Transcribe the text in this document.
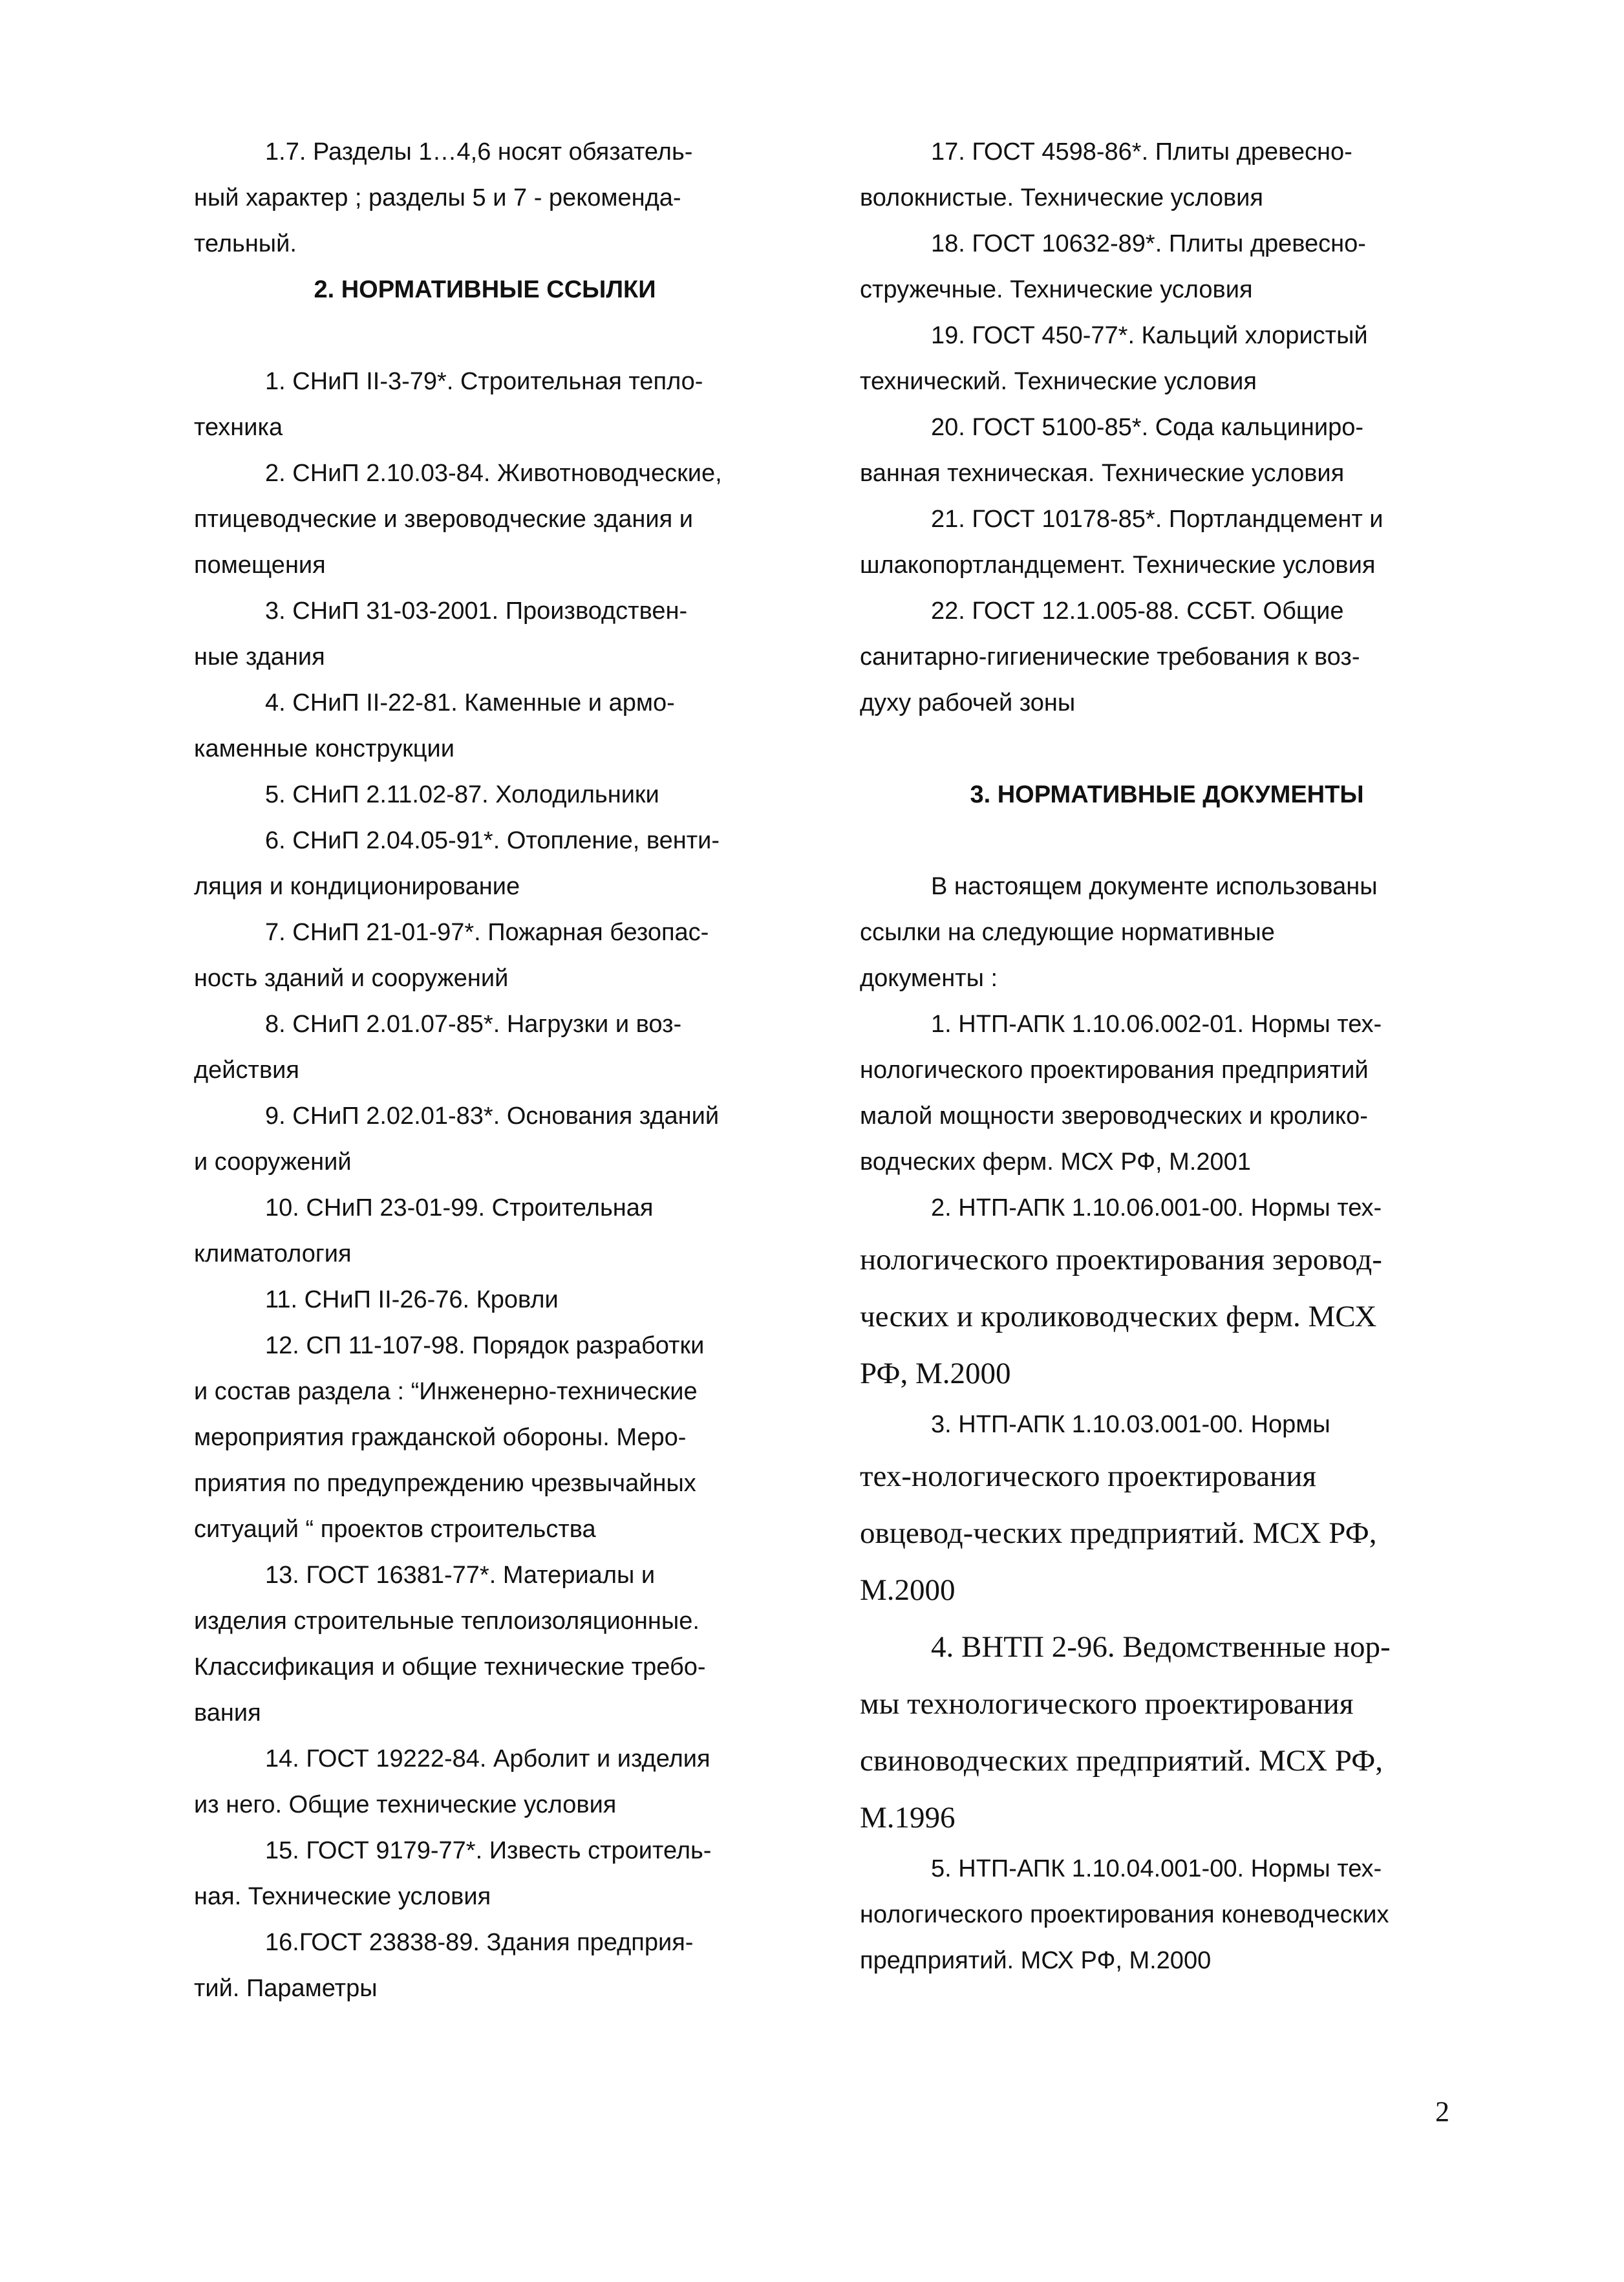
1.7. Разделы 1…4,6 носят обязатель-
ный характер ; разделы 5 и 7 - рекоменда-
тельный.
2. НОРМАТИВНЫЕ ССЫЛКИ
1. СНиП II-3-79*. Строительная тепло-
техника
2. СНиП 2.10.03-84. Животноводческие,
птицеводческие и звероводческие здания и
помещения
3. СНиП 31-03-2001. Производствен-
ные здания
4. СНиП II-22-81. Каменные и армо-
каменные конструкции
5. СНиП 2.11.02-87. Холодильники
6. СНиП 2.04.05-91*. Отопление, венти-
ляция и кондиционирование
7. СНиП 21-01-97*. Пожарная безопас-
ность зданий и сооружений
8. СНиП 2.01.07-85*. Нагрузки и воз-
действия
9. СНиП 2.02.01-83*. Основания зданий
и сооружений
10. СНиП 23-01-99. Строительная
климатология
11. СНиП II-26-76. Кровли
12. СП 11-107-98. Порядок разработки
и состав раздела : “Инженерно-технические
мероприятия гражданской обороны. Меро-
приятия по предупреждению чрезвычайных
ситуаций “ проектов строительства
13. ГОСТ 16381-77*. Материалы и
изделия строительные теплоизоляционные.
Классификация и общие технические требо-
вания
14. ГОСТ 19222-84. Арболит и изделия
из него. Общие технические условия
15. ГОСТ 9179-77*. Известь строитель-
ная. Технические условия
16.ГОСТ 23838-89. Здания предприя-
тий. Параметры
17. ГОСТ 4598-86*. Плиты древесно-
волокнистые. Технические условия
18. ГОСТ 10632-89*. Плиты древесно-
стружечные. Технические условия
19. ГОСТ 450-77*. Кальций хлористый
технический. Технические условия
20. ГОСТ 5100-85*. Сода кальциниро-
ванная техническая. Технические условия
21. ГОСТ 10178-85*. Портландцемент и
шлакопортландцемент. Технические условия
22. ГОСТ 12.1.005-88. ССБТ. Общие
санитарно-гигиенические требования к воз-
духу рабочей зоны
3. НОРМАТИВНЫЕ ДОКУМЕНТЫ
В настоящем документе использованы
ссылки на следующие нормативные
документы :
1. НТП-АПК 1.10.06.002-01. Нормы тех-
нологического проектирования предприятий
малой мощности звероводческих и кролико-
водческих ферм. МСХ РФ, М.2001
2. НТП-АПК 1.10.06.001-00. Нормы тех-
нологического проектирования зеровод-
ческих и кролиководческих ферм. МСХ
РФ, М.2000
3. НТП-АПК 1.10.03.001-00. Нормы
тех-нологического проектирования
овцевод-ческих предприятий. МСХ РФ,
М.2000
4. ВНТП 2-96. Ведомственные нор-
мы технологического проектирования
свиноводческих предприятий. МСХ РФ,
М.1996
5. НТП-АПК 1.10.04.001-00. Нормы тех-
нологического проектирования коневодческих
предприятий. МСХ РФ, М.2000
2
